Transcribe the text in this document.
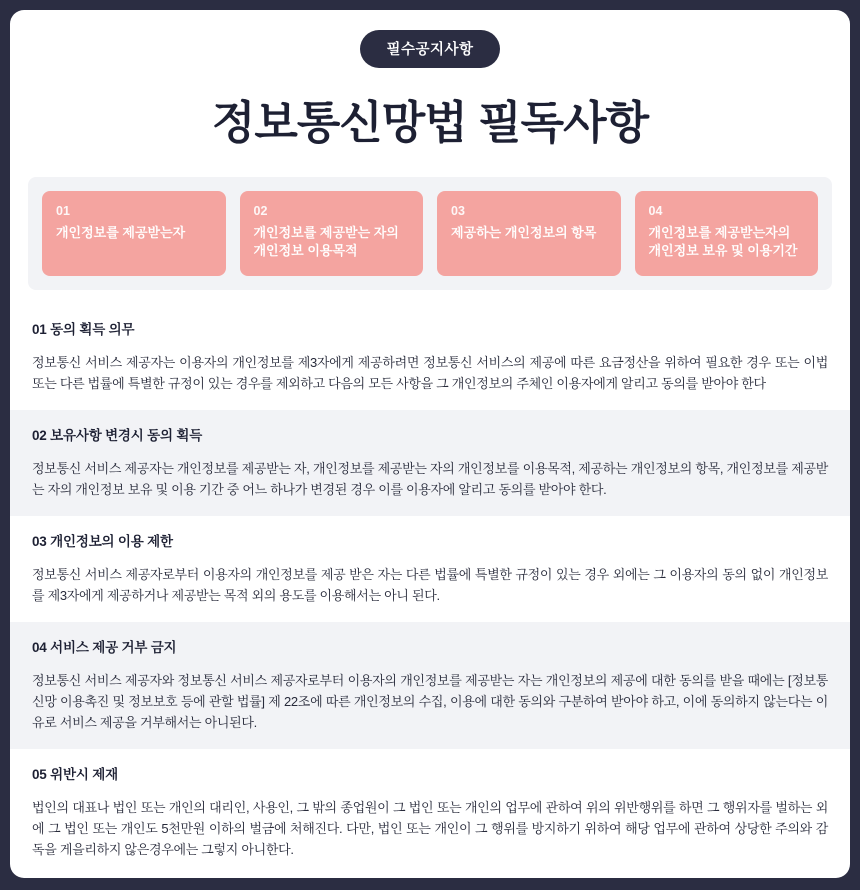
필수공지사항
정보통신망법 필독사항
01
개인정보를 제공받는자
02
개인정보를 제공받는 자의
개인정보 이용목적
03
제공하는 개인정보의 항목
04
개인정보를 제공받는자의
개인정보 보유 및 이용기간
01 동의 획득 의무
정보통신 서비스 제공자는 이용자의 개인정보를 제3자에게 제공하려면 정보통신 서비스의 제공에 따른 요금정산을 위하여 필요한 경우 또는 이법 또는 다른 법률에 특별한 규정이 있는 경우를 제외하고 다음의 모든 사항을 그 개인정보의 주체인 이용자에게 알리고 동의를 받아야 한다
02 보유사항 변경시 동의 획득
정보통신 서비스 제공자는 개인정보를 제공받는 자, 개인정보를 제공받는 자의 개인정보를 이용목적, 제공하는 개인정보의 항목, 개인정보를 제공받는 자의 개인정보 보유 및 이용 기간 중 어느 하나가 변경된 경우 이를 이용자에 알리고 동의를 받아야 한다.
03 개인정보의 이용 제한
정보통신 서비스 제공자로부터 이용자의 개인정보를 제공 받은 자는 다른 법률에 특별한 규정이 있는 경우 외에는 그 이용자의 동의 없이 개인정보를 제3자에게 제공하거나 제공받는 목적 외의 용도를 이용해서는 아니 된다.
04 서비스 제공 거부 금지
정보통신 서비스 제공자와 정보통신 서비스 제공자로부터 이용자의 개인정보를 제공받는 자는 개인정보의 제공에 대한 동의를 받을 때에는 [정보통신망 이용촉진 및 정보보호 등에 관할 법률] 제 22조에 따른 개인정보의 수집, 이용에 대한 동의와 구분하여 받아야 하고, 이에 동의하지 않는다는 이유로 서비스 제공을 거부해서는 아니된다.
05 위반시 제재
법인의 대표나 법인 또는 개인의 대리인, 사용인, 그 밖의 종업원이 그 법인 또는 개인의 업무에 관하여 위의 위반행위를 하면 그 행위자를 벌하는 외에 그 법인 또는 개인도 5천만원 이하의 벌금에 처해진다. 다만, 법인 또는 개인이 그 행위를 방지하기 위하여 해당 업무에 관하여 상당한 주의와 감독을 게을리하지 않은경우에는 그렇지 아니한다.
